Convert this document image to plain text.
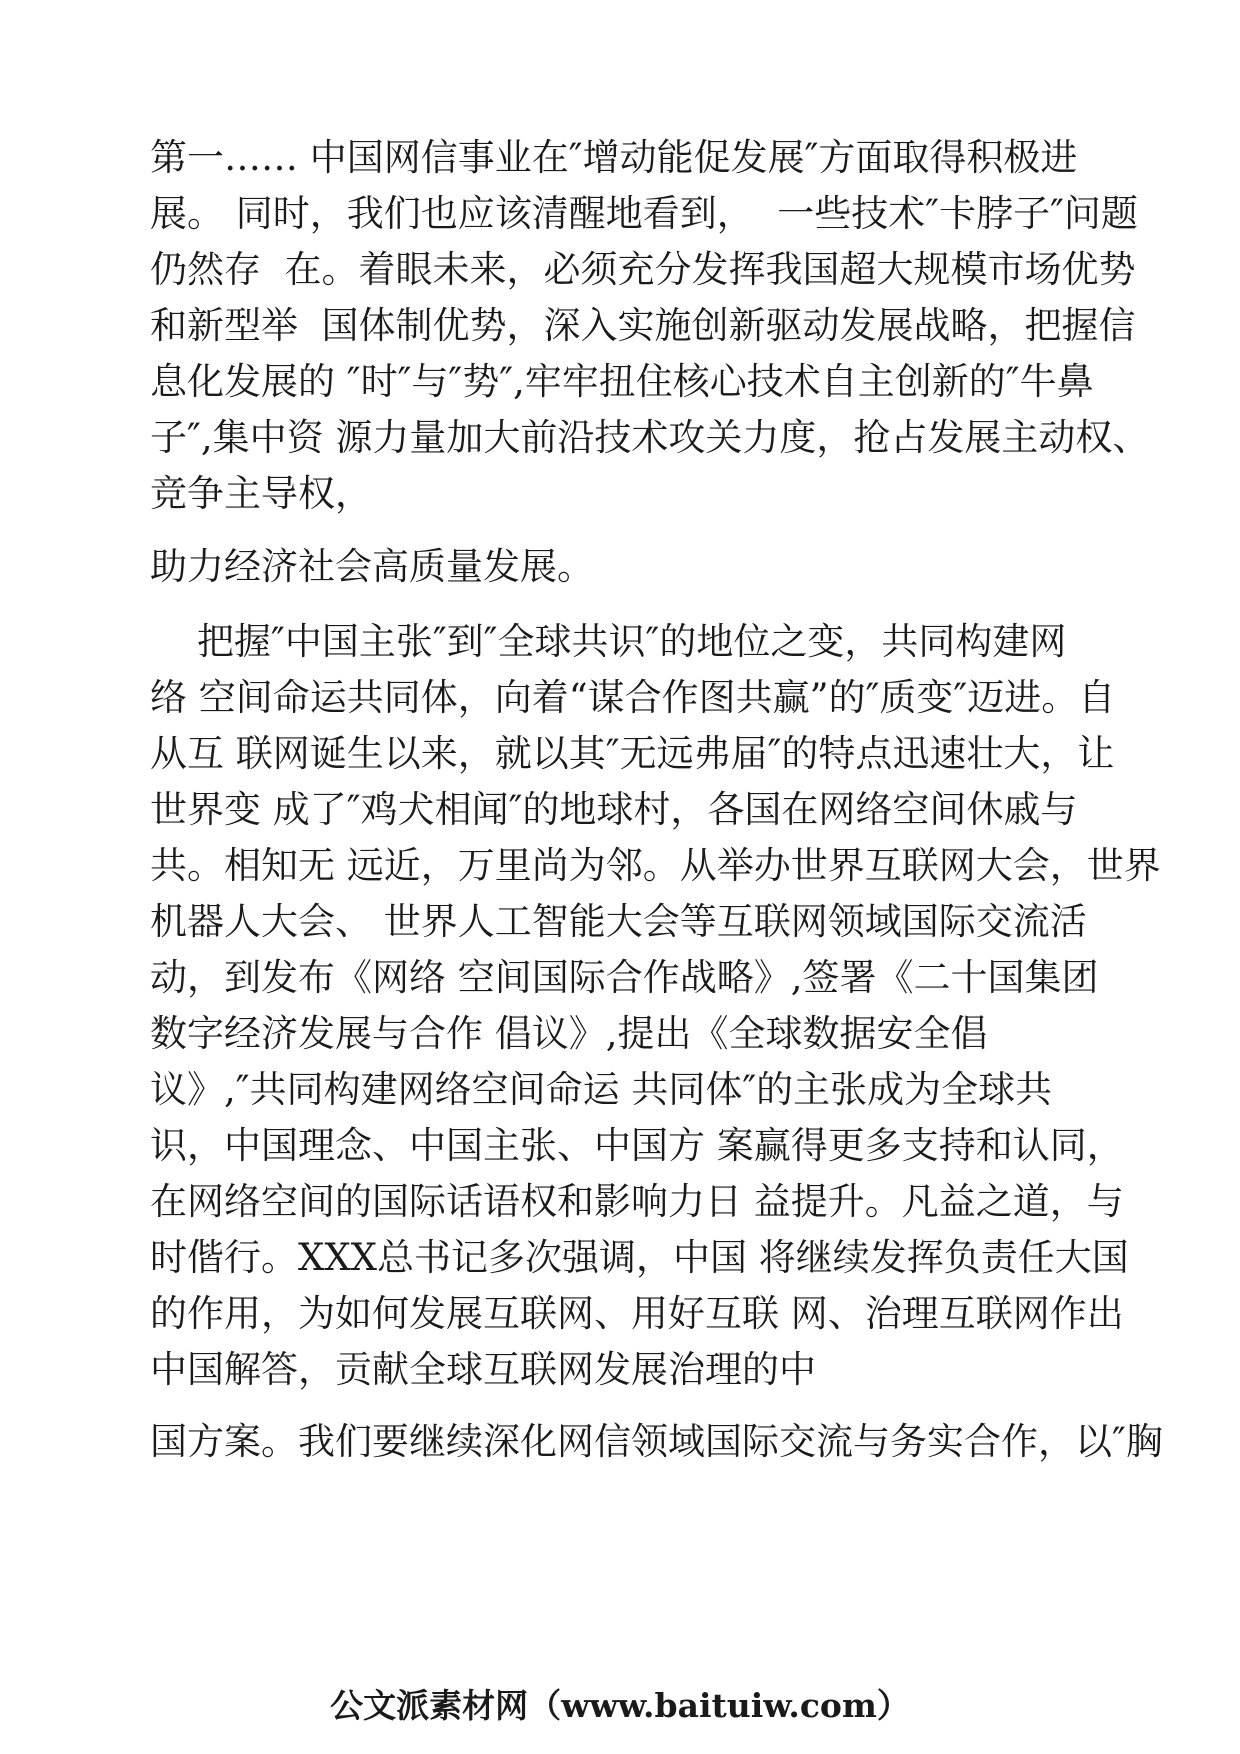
第一…… 中国网信事业在″增动能促发展″方面取得积极进
展。 同时，我们也应该清醒地看到，  一些技术″卡脖子″问题
仍然存  在。着眼未来，必须充分发挥我国超大规模市场优势
和新型举  国体制优势，深入实施创新驱动发展战略，把握信
息化发展的 ″时″与″势″,牢牢扭住核心技术自主创新的″牛鼻
子″,集中资 源力量加大前沿技术攻关力度，抢占发展主动权、
竞争主导权，
助力经济社会高质量发展。
把握″中国主张″到″全球共识″的地位之变，共同构建网
络 空间命运共同体，向着“谋合作图共赢”的″质变″迈进。自
从互 联网诞生以来，就以其″无远弗届″的特点迅速壮大，让
世界变 成了″鸡犬相闻″的地球村，各国在网络空间休戚与
共。相知无 远近，万里尚为邻。从举办世界互联网大会，世界
机器人大会、 世界人工智能大会等互联网领域国际交流活
动，到发布《网络 空间国际合作战略》,签署《二十国集团
数字经济发展与合作 倡议》,提出《全球数据安全倡
议》,″共同构建网络空间命运 共同体″的主张成为全球共
识，中国理念、中国主张、中国方 案赢得更多支持和认同，
在网络空间的国际话语权和影响力日 益提升。凡益之道，与
时偕行。XXX总书记多次强调，中国 将继续发挥负责任大国
的作用，为如何发展互联网、用好互联 网、治理互联网作出
中国解答，贡献全球互联网发展治理的中
国方案。我们要继续深化网信领域国际交流与务实合作，以″胸
公文派素材网（www.baituiw.com）
